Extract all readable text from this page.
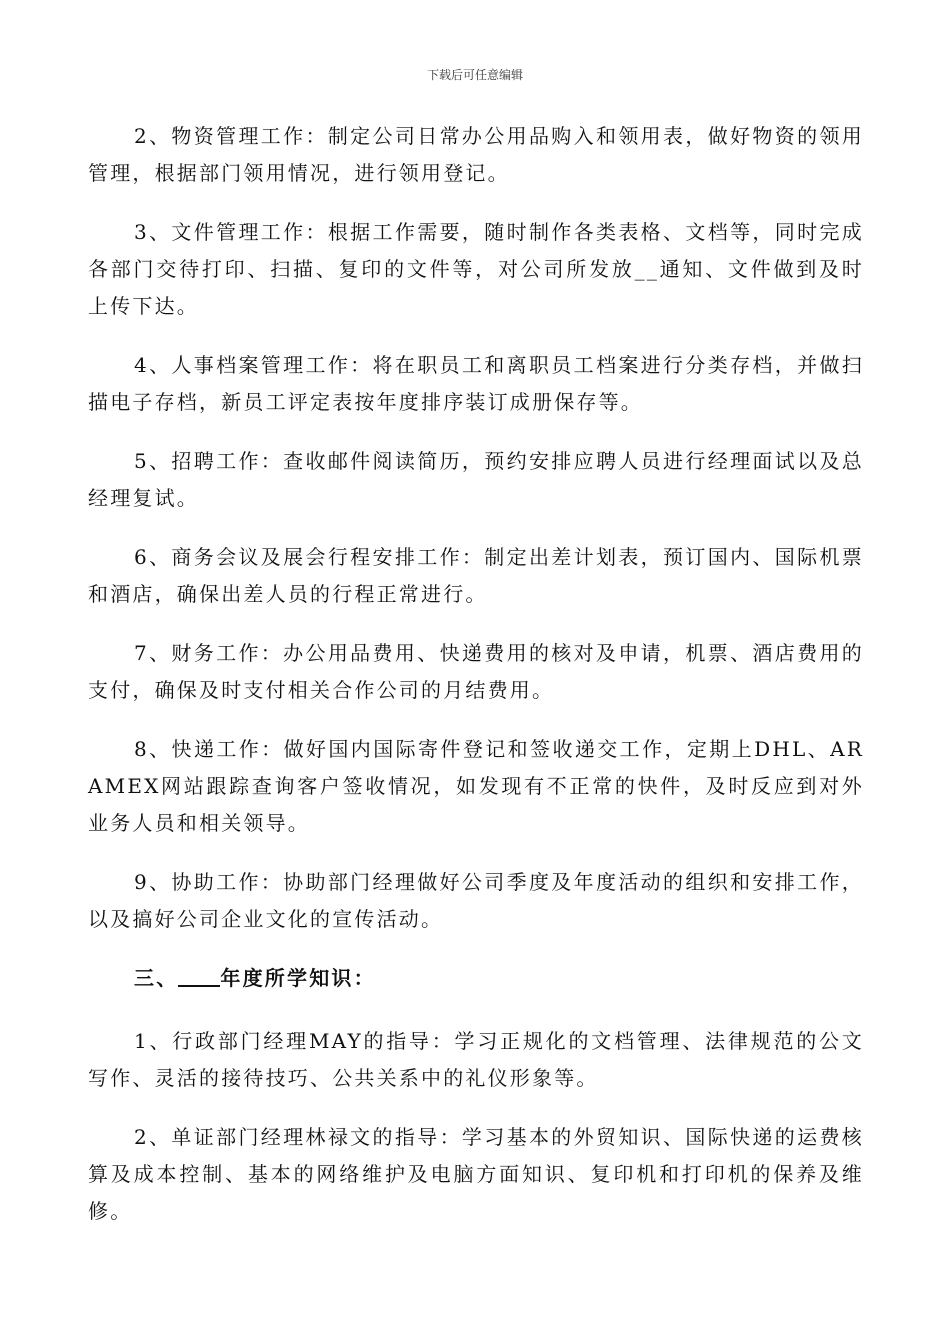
下载后可任意编辑

2、物资管理工作：制定公司日常办公用品购入和领用表，做好物资的领用管理，根据部门领用情况，进行领用登记。

3、文件管理工作：根据工作需要，随时制作各类表格、文档等，同时完成各部门交待打印、扫描、复印的文件等，对公司所发放__通知、文件做到及时上传下达。

4、人事档案管理工作：将在职员工和离职员工档案进行分类存档，并做扫描电子存档，新员工评定表按年度排序装订成册保存等。

5、招聘工作：查收邮件阅读简历，预约安排应聘人员进行经理面试以及总经理复试。

6、商务会议及展会行程安排工作：制定出差计划表，预订国内、国际机票和酒店，确保出差人员的行程正常进行。

7、财务工作：办公用品费用、快递费用的核对及申请，机票、酒店费用的支付，确保及时支付相关合作公司的月结费用。

8、快递工作：做好国内国际寄件登记和签收递交工作，定期上DHL、ARAMEX网站跟踪查询客户签收情况，如发现有不正常的快件，及时反应到对外业务人员和相关领导。

9、协助工作：协助部门经理做好公司季度及年度活动的组织和安排工作，以及搞好公司企业文化的宣传活动。

三、 年度所学知识：

1、行政部门经理MAY的指导：学习正规化的文档管理、法律规范的公文写作、灵活的接待技巧、公共关系中的礼仪形象等。

2、单证部门经理林禄文的指导：学习基本的外贸知识、国际快递的运费核算及成本控制、基本的网络维护及电脑方面知识、复印机和打印机的保养及维修。
